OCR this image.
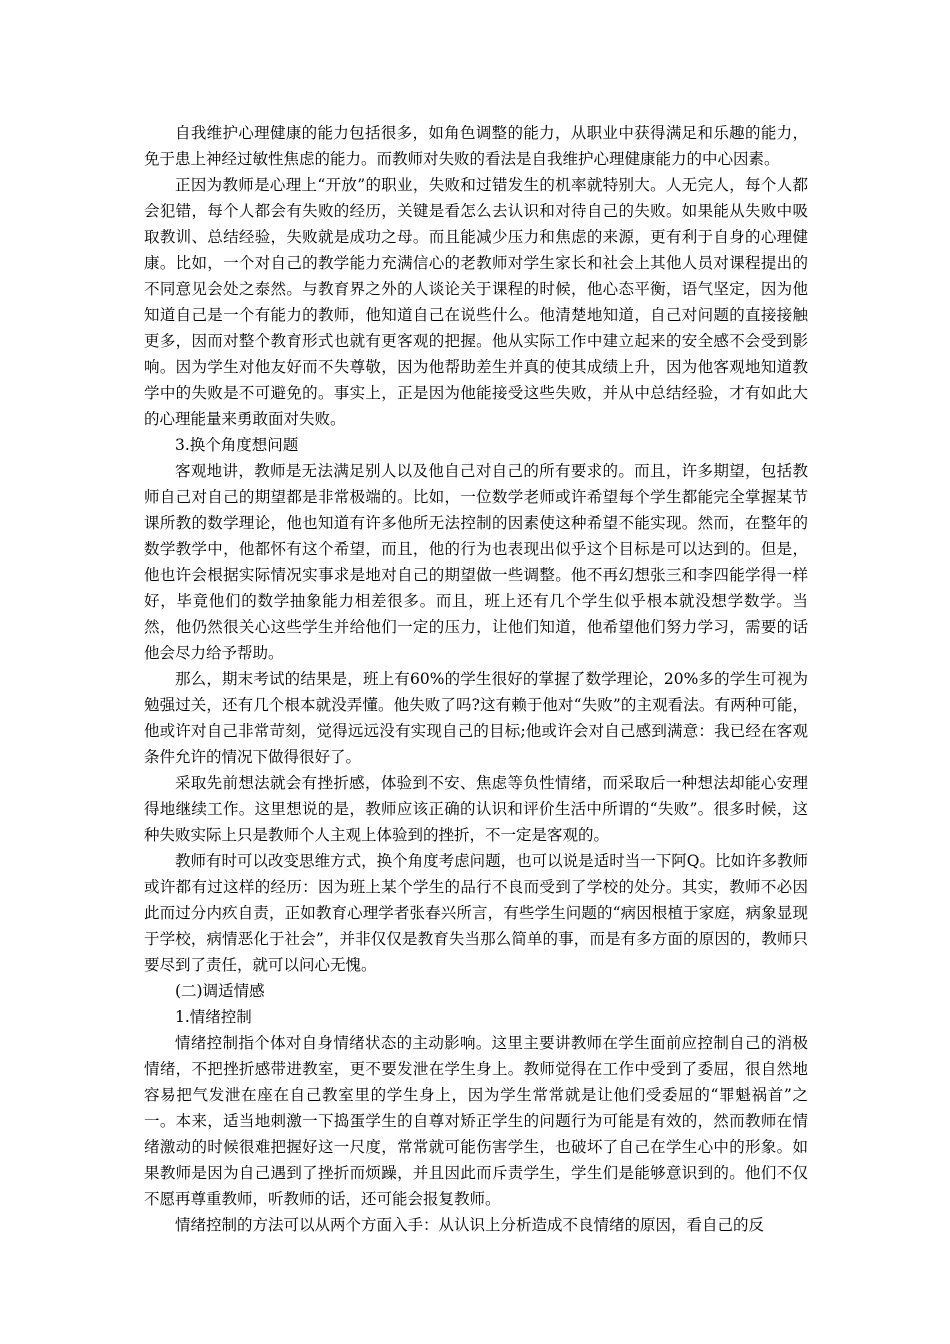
自我维护心理健康的能力包括很多，如角色调整的能力，从职业中获得满足和乐趣的能力，免于患上神经过敏性焦虑的能力。而教师对失败的看法是自我维护心理健康能力的中心因素。

正因为教师是心理上“开放”的职业，失败和过错发生的机率就特别大。人无完人，每个人都会犯错，每个人都会有失败的经历，关键是看怎么去认识和对待自己的失败。如果能从失败中吸取教训、总结经验，失败就是成功之母。而且能减少压力和焦虑的来源，更有利于自身的心理健康。比如，一个对自己的教学能力充满信心的老教师对学生家长和社会上其他人员对课程提出的不同意见会处之泰然。与教育界之外的人谈论关于课程的时候，他心态平衡，语气坚定，因为他知道自己是一个有能力的教师，他知道自己在说些什么。他清楚地知道，自己对问题的直接接触更多，因而对整个教育形式也就有更客观的把握。他从实际工作中建立起来的安全感不会受到影响。因为学生对他友好而不失尊敬，因为他帮助差生并真的使其成绩上升，因为他客观地知道教学中的失败是不可避免的。事实上，正是因为他能接受这些失败，并从中总结经验，才有如此大的心理能量来勇敢面对失败。

3.换个角度想问题

客观地讲，教师是无法满足别人以及他自己对自己的所有要求的。而且，许多期望，包括教师自己对自己的期望都是非常极端的。比如，一位数学老师或许希望每个学生都能完全掌握某节课所教的数学理论，他也知道有许多他所无法控制的因素使这种希望不能实现。然而，在整年的数学教学中，他都怀有这个希望，而且，他的行为也表现出似乎这个目标是可以达到的。但是，他也许会根据实际情况实事求是地对自己的期望做一些调整。他不再幻想张三和李四能学得一样好，毕竟他们的数学抽象能力相差很多。而且，班上还有几个学生似乎根本就没想学数学。当然，他仍然很关心这些学生并给他们一定的压力，让他们知道，他希望他们努力学习，需要的话他会尽力给予帮助。

那么，期末考试的结果是，班上有60%的学生很好的掌握了数学理论，20%多的学生可视为勉强过关，还有几个根本就没弄懂。他失败了吗?这有赖于他对“失败”的主观看法。有两种可能，他或许对自己非常苛刻，觉得远远没有实现自己的目标;他或许会对自己感到满意：我已经在客观条件允许的情况下做得很好了。

采取先前想法就会有挫折感，体验到不安、焦虑等负性情绪，而采取后一种想法却能心安理得地继续工作。这里想说的是，教师应该正确的认识和评价生活中所谓的“失败”。很多时候，这种失败实际上只是教师个人主观上体验到的挫折，不一定是客观的。

教师有时可以改变思维方式，换个角度考虑问题，也可以说是适时当一下阿Q。比如许多教师或许都有过这样的经历：因为班上某个学生的品行不良而受到了学校的处分。其实，教师不必因此而过分内疚自责，正如教育心理学者张春兴所言，有些学生问题的“病因根植于家庭，病象显现于学校，病情恶化于社会”，并非仅仅是教育失当那么简单的事，而是有多方面的原因的，教师只要尽到了责任，就可以问心无愧。

(二)调适情感

1.情绪控制

情绪控制指个体对自身情绪状态的主动影响。这里主要讲教师在学生面前应控制自己的消极情绪，不把挫折感带进教室，更不要发泄在学生身上。教师觉得在工作中受到了委屈，很自然地容易把气发泄在座在自己教室里的学生身上，因为学生常常就是让他们受委屈的“罪魁祸首”之一。本来，适当地刺激一下捣蛋学生的自尊对矫正学生的问题行为可能是有效的，然而教师在情绪激动的时候很难把握好这一尺度，常常就可能伤害学生，也破坏了自己在学生心中的形象。如果教师是因为自己遇到了挫折而烦躁，并且因此而斥责学生，学生们是能够意识到的。他们不仅不愿再尊重教师，听教师的话，还可能会报复教师。

情绪控制的方法可以从两个方面入手：从认识上分析造成不良情绪的原因，看自己的反
